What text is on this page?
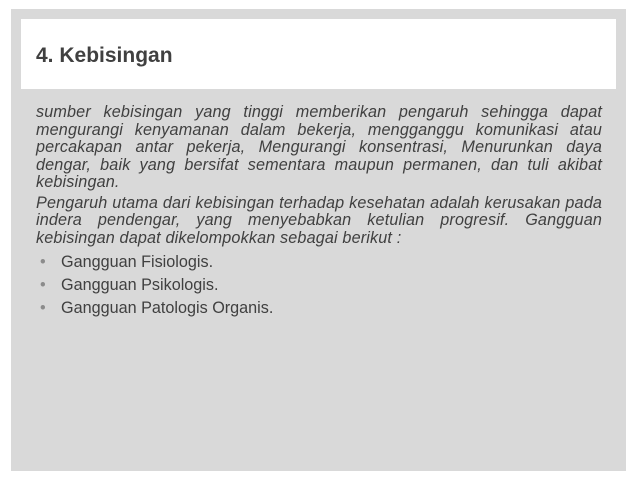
4. Kebisingan

sumber kebisingan yang tinggi memberikan pengaruh sehingga dapat mengurangi kenyamanan dalam bekerja, mengganggu komunikasi atau percakapan antar pekerja, Mengurangi konsentrasi, Menurunkan daya dengar, baik yang bersifat sementara maupun permanen, dan tuli akibat kebisingan.

Pengaruh utama dari kebisingan terhadap kesehatan adalah kerusakan pada indera pendengar, yang menyebabkan ketulian progresif. Gangguan kebisingan dapat dikelompokkan sebagai berikut :

• Gangguan Fisiologis.
• Gangguan Psikologis.
• Gangguan Patologis Organis.
